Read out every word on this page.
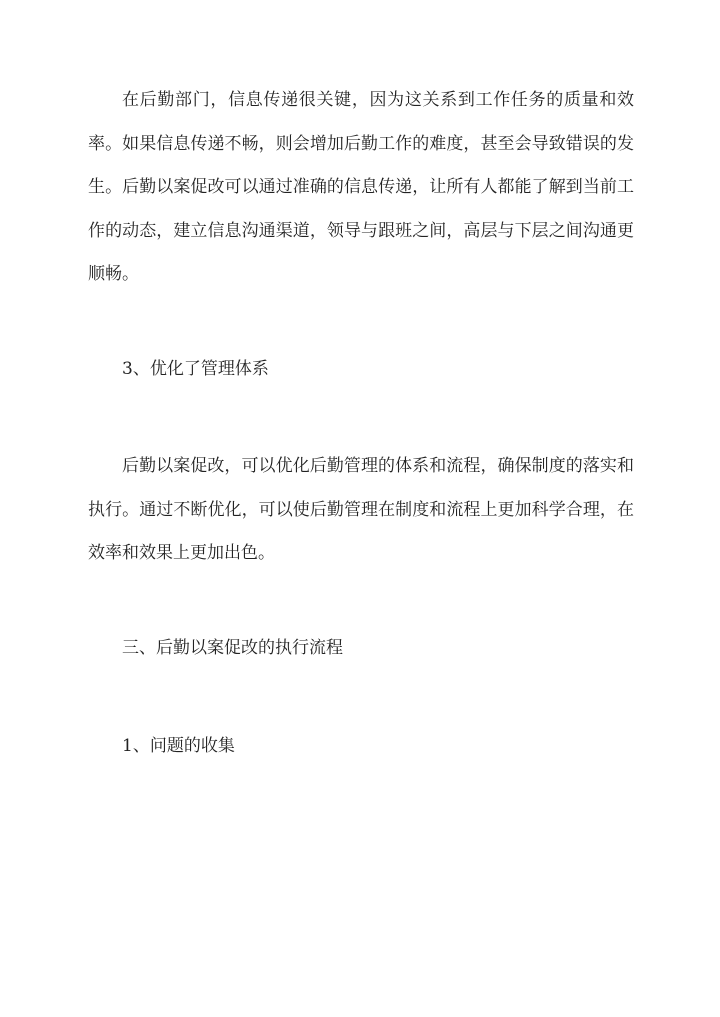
在后勤部门，信息传递很关键，因为这关系到工作任务的质量和效率。如果信息传递不畅，则会增加后勤工作的难度，甚至会导致错误的发生。后勤以案促改可以通过准确的信息传递，让所有人都能了解到当前工作的动态，建立信息沟通渠道，领导与跟班之间，高层与下层之间沟通更顺畅。

3、优化了管理体系

后勤以案促改，可以优化后勤管理的体系和流程，确保制度的落实和执行。通过不断优化，可以使后勤管理在制度和流程上更加科学合理，在效率和效果上更加出色。

三、后勤以案促改的执行流程

1、问题的收集
